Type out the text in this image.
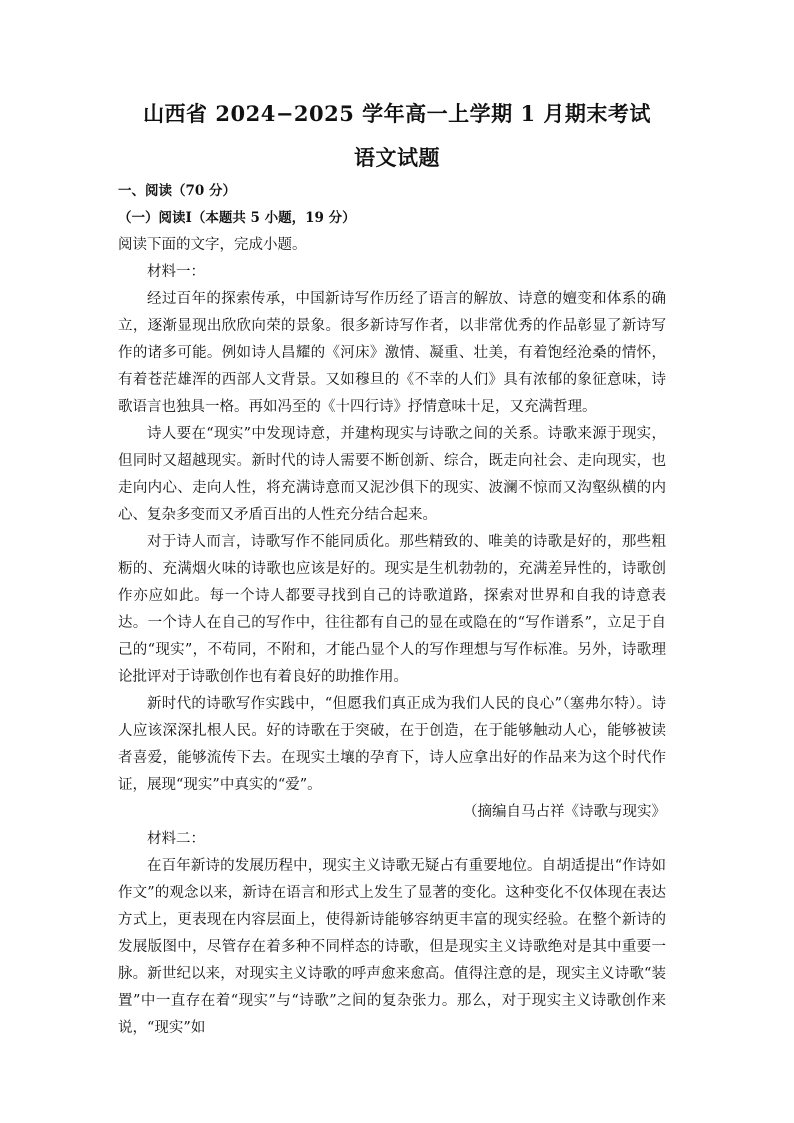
山西省 2024−2025 学年高一上学期 1 月期末考试
语文试题

一、阅读（70 分）

（一）阅读Ⅰ（本题共 5 小题，19 分）

阅读下面的文字，完成小题。

材料一：

经过百年的探索传承，中国新诗写作历经了语言的解放、诗意的嬗变和体系的确立，逐渐显现出欣欣向荣的景象。很多新诗写作者，以非常优秀的作品彰显了新诗写作的诸多可能。例如诗人昌耀的《河床》激情、凝重、壮美，有着饱经沧桑的情怀，有着苍茫雄浑的西部人文背景。又如穆旦的《不幸的人们》具有浓郁的象征意味，诗歌语言也独具一格。再如冯至的《十四行诗》抒情意味十足，又充满哲理。

诗人要在“现实”中发现诗意，并建构现实与诗歌之间的关系。诗歌来源于现实，但同时又超越现实。新时代的诗人需要不断创新、综合，既走向社会、走向现实，也走向内心、走向人性，将充满诗意而又泥沙俱下的现实、波澜不惊而又沟壑纵横的内心、复杂多变而又矛盾百出的人性充分结合起来。

对于诗人而言，诗歌写作不能同质化。那些精致的、唯美的诗歌是好的，那些粗粝的、充满烟火味的诗歌也应该是好的。现实是生机勃勃的，充满差异性的，诗歌创作亦应如此。每一个诗人都要寻找到自己的诗歌道路，探索对世界和自我的诗意表达。一个诗人在自己的写作中，往往都有自己的显在或隐在的“写作谱系”，立足于自己的“现实”，不苟同，不附和，才能凸显个人的写作理想与写作标准。另外，诗歌理论批评对于诗歌创作也有着良好的助推作用。

新时代的诗歌写作实践中，“但愿我们真正成为我们人民的良心”（塞弗尔特）。诗人应该深深扎根人民。好的诗歌在于突破，在于创造，在于能够触动人心，能够被读者喜爱，能够流传下去。在现实土壤的孕育下，诗人应拿出好的作品来为这个时代作证，展现“现实”中真实的“爱”。

（摘编自马占祥《诗歌与现实》

材料二：

在百年新诗的发展历程中，现实主义诗歌无疑占有重要地位。自胡适提出“作诗如作文”的观念以来，新诗在语言和形式上发生了显著的变化。这种变化不仅体现在表达方式上，更表现在内容层面上，使得新诗能够容纳更丰富的现实经验。在整个新诗的发展版图中，尽管存在着多种不同样态的诗歌，但是现实主义诗歌绝对是其中重要一脉。新世纪以来，对现实主义诗歌的呼声愈来愈高。值得注意的是，现实主义诗歌“装置”中一直存在着“现实”与“诗歌”之间的复杂张力。那么，对于现实主义诗歌创作来说，“现实”如
